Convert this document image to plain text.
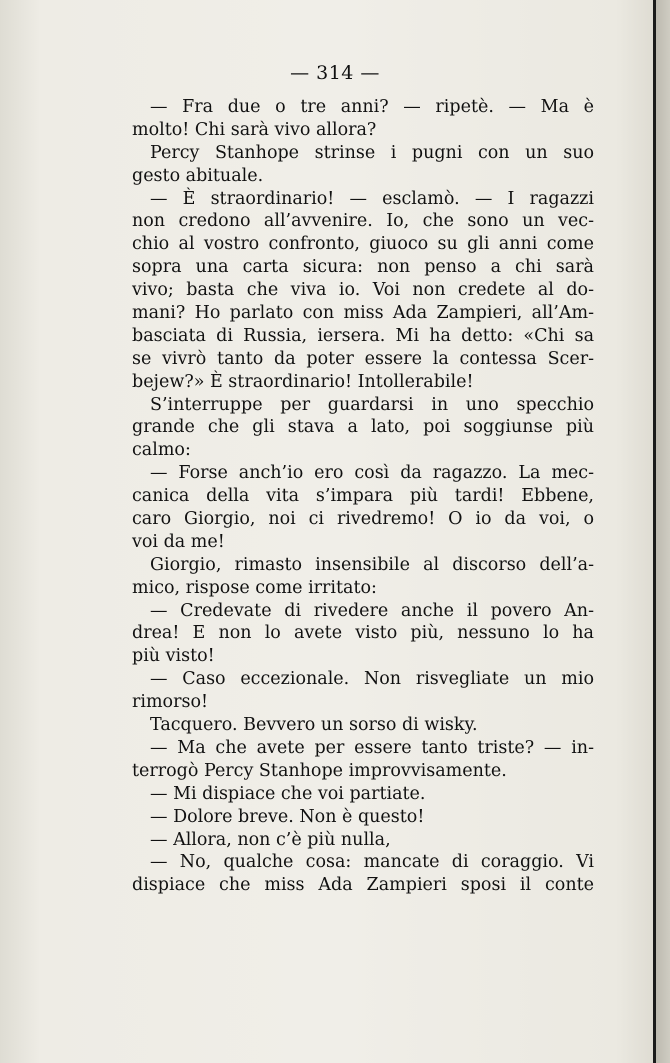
— 314 —
— Fra due o tre anni? — ripetè. — Ma è
molto! Chi sarà vivo allora?
Percy Stanhope strinse i pugni con un suo
gesto abituale.
— È straordinario! — esclamò. — I ragazzi
non credono all’avvenire. Io, che sono un vec-
chio al vostro confronto, giuoco su gli anni come
sopra una carta sicura: non penso a chi sarà
vivo; basta che viva io. Voi non credete al do-
mani? Ho parlato con miss Ada Zampieri, all’Am-
basciata di Russia, iersera. Mi ha detto: «Chi sa
se vivrò tanto da poter essere la contessa Scer-
bejew?» È straordinario! Intollerabile!
S’interruppe per guardarsi in uno specchio
grande che gli stava a lato, poi soggiunse più
calmo:
— Forse anch’io ero così da ragazzo. La mec-
canica della vita s’impara più tardi! Ebbene,
caro Giorgio, noi ci rivedremo! O io da voi, o
voi da me!
Giorgio, rimasto insensibile al discorso dell’a-
mico, rispose come irritato:
— Credevate di rivedere anche il povero An-
drea! E non lo avete visto più, nessuno lo ha
più visto!
— Caso eccezionale. Non risvegliate un mio
rimorso!
Tacquero. Bevvero un sorso di wisky.
— Ma che avete per essere tanto triste? — in-
terrogò Percy Stanhope improvvisamente.
— Mi dispiace che voi partiate.
— Dolore breve. Non è questo!
— Allora, non c’è più nulla,
— No, qualche cosa: mancate di coraggio. Vi
dispiace che miss Ada Zampieri sposi il conte
